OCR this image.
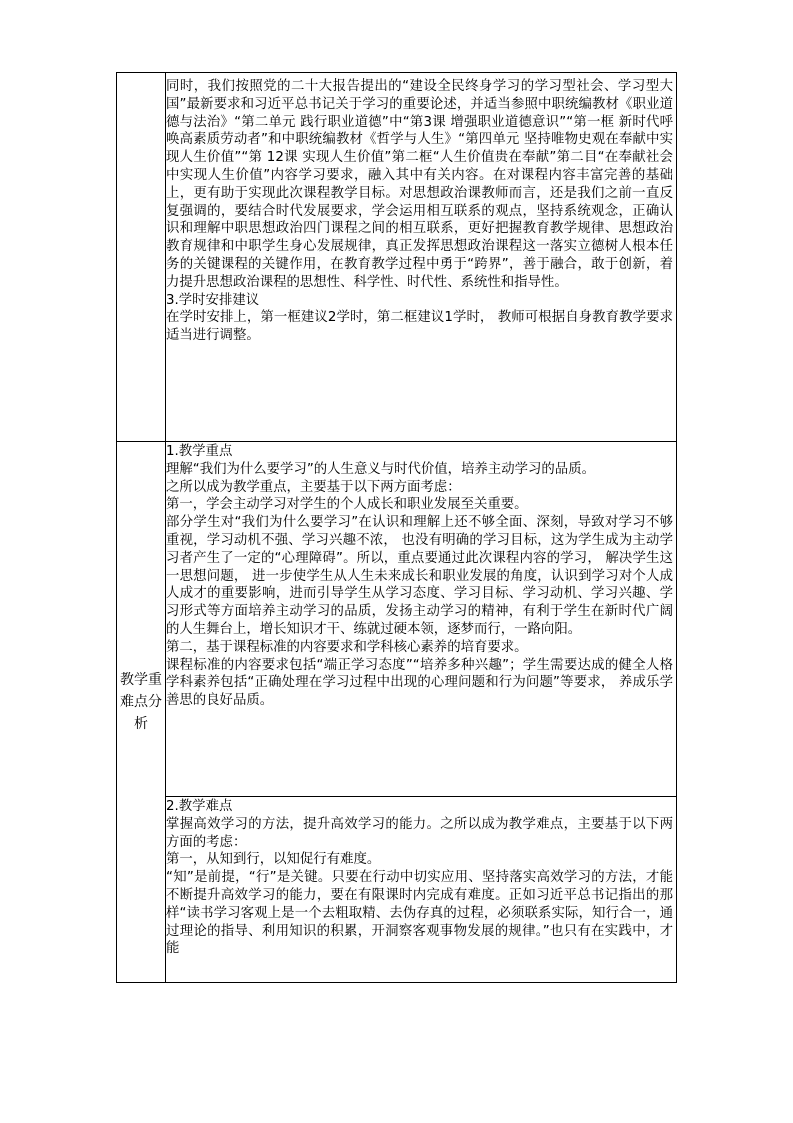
同时，我们按照党的二十大报告提出的“建设全民终身学习的学习型社会、学习型大国”最新要求和习近平总书记关于学习的重要论述，并适当参照中职统编教材《职业道德与法治》“第二单元 践行职业道德”中“第3课 增强职业道德意识”“第一框 新时代呼唤高素质劳动者”和中职统编教材《哲学与人生》“第四单元 坚持唯物史观在奉献中实现人生价值”“第 12课 实现人生价值”第二框“人生价值贵在奉献”第二目“在奉献社会中实现人生价值”内容学习要求，融入其中有关内容。在对课程内容丰富完善的基础上，更有助于实现此次课程教学目标。对思想政治课教师而言，还是我们之前一直反复强调的，要结合时代发展要求，学会运用相互联系的观点，坚持系统观念，正确认识和理解中职思想政治四门课程之间的相互联系，更好把握教育教学规律、思想政治教育规律和中职学生身心发展规律，真正发挥思想政治课程这一落实立德树人根本任务的关键课程的关键作用，在教育教学过程中勇于“跨界”，善于融合，敢于创新，着力提升思想政治课程的思想性、科学性、时代性、系统性和指导性。

3.学时安排建议

在学时安排上，第一框建议2学时，第二框建议1学时， 教师可根据自身教育教学要求适当进行调整。

教学重难点分析

1.教学重点

理解“我们为什么要学习”的人生意义与时代价值，培养主动学习的品质。

之所以成为教学重点，主要基于以下两方面考虑：

第一，学会主动学习对学生的个人成长和职业发展至关重要。

部分学生对“我们为什么要学习”在认识和理解上还不够全面、深刻，导致对学习不够重视，学习动机不强、学习兴趣不浓， 也没有明确的学习目标，这为学生成为主动学习者产生了一定的“心理障碍”。所以，重点要通过此次课程内容的学习， 解决学生这一思想问题， 进一步使学生从人生未来成长和职业发展的角度，认识到学习对个人成人成才的重要影响，进而引导学生从学习态度、学习目标、学习动机、学习兴趣、学习形式等方面培养主动学习的品质，发扬主动学习的精神，有利于学生在新时代广阔的人生舞台上，增长知识才干、练就过硬本领，逐梦而行，一路向阳。

第二，基于课程标准的内容要求和学科核心素养的培育要求。

课程标准的内容要求包括“端正学习态度”“培养多种兴趣”；学生需要达成的健全人格学科素养包括“正确处理在学习过程中出现的心理问题和行为问题”等要求， 养成乐学善思的良好品质。

2.教学难点

掌握高效学习的方法，提升高效学习的能力。之所以成为教学难点，主要基于以下两方面的考虑：

第一，从知到行，以知促行有难度。

“知”是前提，“行”是关键。只要在行动中切实应用、坚持落实高效学习的方法，才能不断提升高效学习的能力，要在有限课时内完成有难度。正如习近平总书记指出的那样“读书学习客观上是一个去粗取精、去伪存真的过程，必须联系实际，知行合一，通过理论的指导、利用知识的积累，开洞察客观事物发展的规律。”也只有在实践中，才能
